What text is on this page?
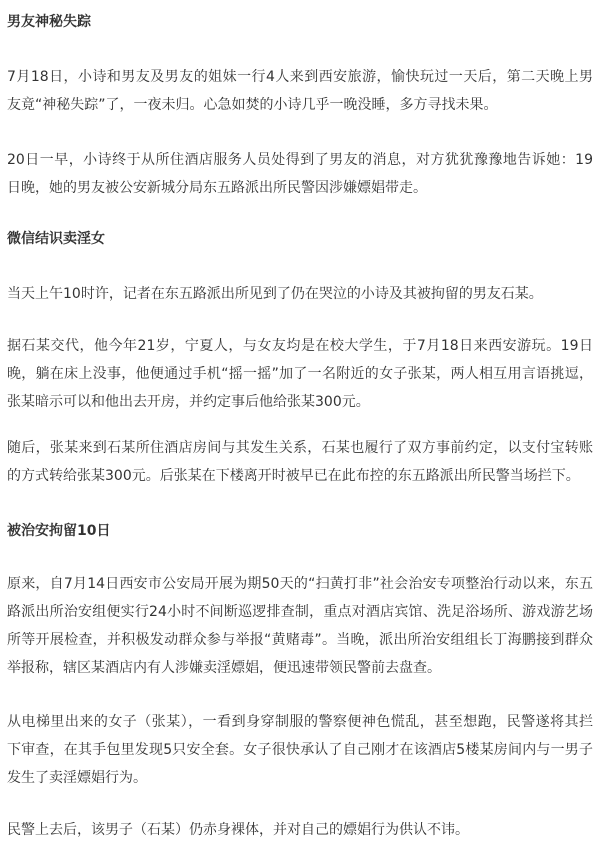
男友神秘失踪
7月18日，小诗和男友及男友的姐妹一行4人来到西安旅游，愉快玩过一天后，第二天晚上男
友竟“神秘失踪”了，一夜未归。心急如焚的小诗几乎一晚没睡，多方寻找未果。
20日一早，小诗终于从所住酒店服务人员处得到了男友的消息，对方犹犹豫豫地告诉她：19
日晚，她的男友被公安新城分局东五路派出所民警因涉嫌嫖娼带走。
微信结识卖淫女
当天上午10时许，记者在东五路派出所见到了仍在哭泣的小诗及其被拘留的男友石某。
据石某交代，他今年21岁，宁夏人，与女友均是在校大学生，于7月18日来西安游玩。19日
晚，躺在床上没事，他便通过手机“摇一摇”加了一名附近的女子张某，两人相互用言语挑逗，
张某暗示可以和他出去开房，并约定事后他给张某300元。
随后，张某来到石某所住酒店房间与其发生关系，石某也履行了双方事前约定，以支付宝转账
的方式转给张某300元。后张某在下楼离开时被早已在此布控的东五路派出所民警当场拦下。
被治安拘留10日
原来，自7月14日西安市公安局开展为期50天的“扫黄打非”社会治安专项整治行动以来，东五
路派出所治安组便实行24小时不间断巡逻排查制，重点对酒店宾馆、洗足浴场所、游戏游艺场
所等开展检查，并积极发动群众参与举报“黄赌毒”。当晚，派出所治安组组长丁海鹏接到群众
举报称，辖区某酒店内有人涉嫌卖淫嫖娼，便迅速带领民警前去盘查。
从电梯里出来的女子（张某），一看到身穿制服的警察便神色慌乱，甚至想跑，民警遂将其拦
下审查，在其手包里发现5只安全套。女子很快承认了自己刚才在该酒店5楼某房间内与一男子
发生了卖淫嫖娼行为。
民警上去后，该男子（石某）仍赤身裸体，并对自己的嫖娼行为供认不讳。
